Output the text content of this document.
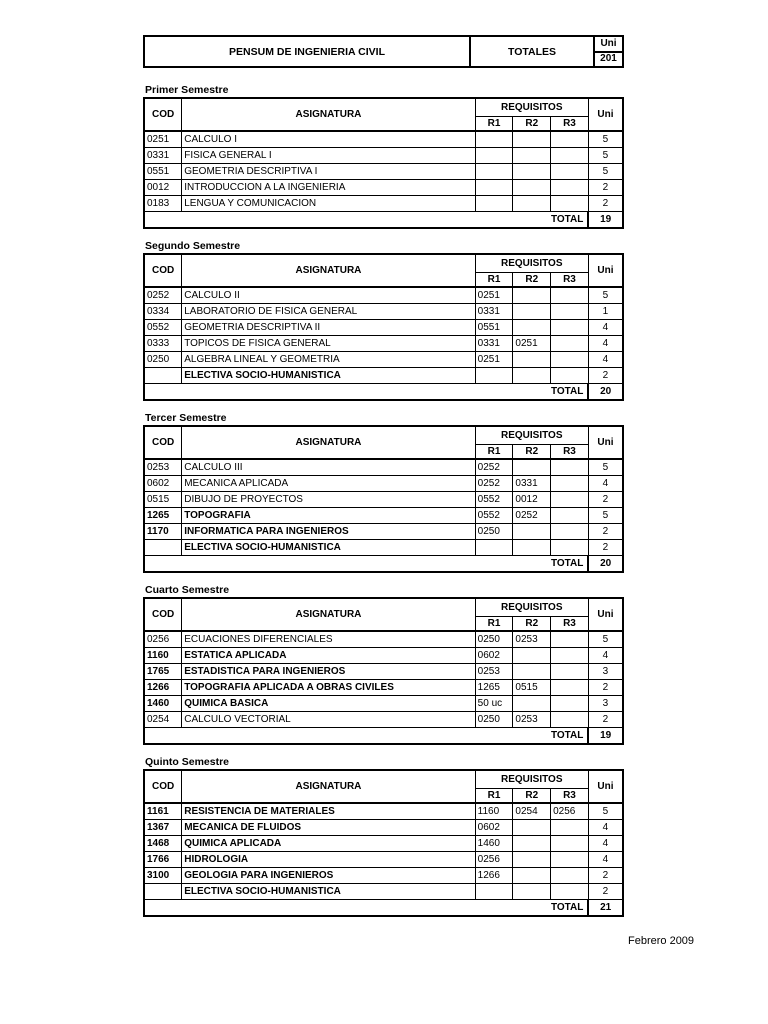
PENSUM DE INGENIERIA CIVIL	TOTALES
Uni
201
Primer Semestre
COD	ASIGNATURA	REQUISITOS			Uni
		R1	R2	R3	
0251	CALCULO I				5
0331	FISICA GENERAL I				5
0551	GEOMETRIA DESCRIPTIVA I				5
0012	INTRODUCCION A LA INGENIERIA				2
0183	LENGUA Y COMUNICACION				2
TOTAL					19
Segundo Semestre
COD	ASIGNATURA	REQUISITOS			Uni
		R1	R2	R3	
0252	CALCULO II	0251			5
0334	LABORATORIO DE FISICA GENERAL	0331			1
0552	GEOMETRIA DESCRIPTIVA II	0551			4
0333	TOPICOS DE FISICA GENERAL	0331	0251		4
0250	ALGEBRA LINEAL Y GEOMETRIA	0251			4
	ELECTIVA SOCIO-HUMANISTICA				2
TOTAL					20
Tercer Semestre
COD	ASIGNATURA	REQUISITOS			Uni
		R1	R2	R3	
0253	CALCULO III	0252			5
0602	MECANICA APLICADA	0252	0331		4
0515	DIBUJO DE PROYECTOS	0552	0012		2
1265	TOPOGRAFIA	0552	0252		5
1170	INFORMATICA PARA INGENIEROS	0250			2
	ELECTIVA SOCIO-HUMANISTICA				2
TOTAL					20
Cuarto Semestre
COD	ASIGNATURA	REQUISITOS			Uni
		R1	R2	R3	
0256	ECUACIONES DIFERENCIALES	0250	0253		5
1160	ESTATICA APLICADA	0602			4
1765	ESTADISTICA PARA INGENIEROS	0253			3
1266	TOPOGRAFIA APLICADA A OBRAS CIVILES	1265	0515		2
1460	QUIMICA BASICA	50 uc			3
0254	CALCULO VECTORIAL	0250	0253		2
TOTAL					19
Quinto Semestre
COD	ASIGNATURA	REQUISITOS			Uni
		R1	R2	R3	
1161	RESISTENCIA DE MATERIALES	1160	0254	0256	5
1367	MECANICA DE FLUIDOS	0602			4
1468	QUIMICA APLICADA	1460			4
1766	HIDROLOGIA	0256			4
3100	GEOLOGIA PARA INGENIEROS	1266			2
	ELECTIVA SOCIO-HUMANISTICA				2
TOTAL					21
Febrero 2009
